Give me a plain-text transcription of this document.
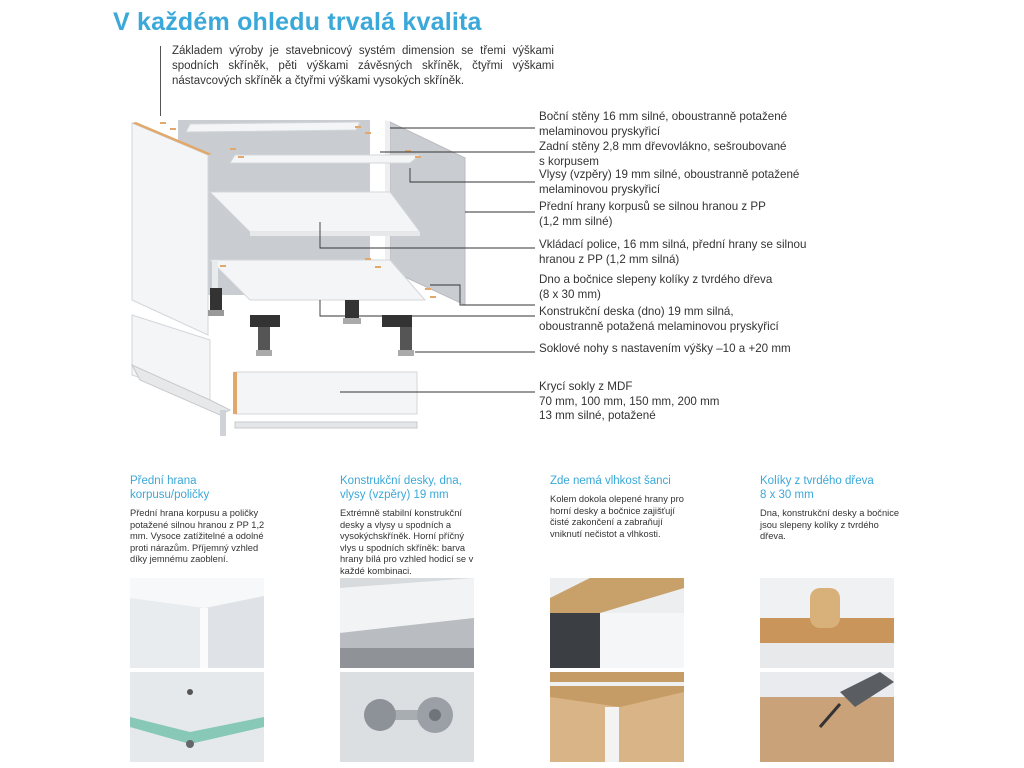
V každém ohledu trvalá kvalita
Základem výroby je stavebnicový systém dimension se třemi výškami spodních skříněk, pěti výškami závěsných skříněk, čtyřmi výškami nástavcových skříněk a čtyřmi výškami vysokých skříněk.
Boční stěny 16 mm silné, oboustranně potažené
melaminovou pryskyřicí
Zadní stěny 2,8 mm dřevovlákno, sešroubované
s korpusem
Vlysy (vzpěry) 19 mm silné, oboustranně potažené
melaminovou pryskyřicí
Přední hrany korpusů se silnou hranou z PP
(1,2 mm silné)
Vkládací police, 16 mm silná, přední hrany se silnou
hranou z PP (1,2 mm silná)
Dno a bočnice slepeny kolíky z tvrdého dřeva
(8 x 30 mm)
Konstrukční deska (dno) 19 mm silná,
oboustranně potažená melaminovou pryskyřicí
Soklové nohy s nastavením výšky –10 a +20 mm
Krycí sokly z MDF
70 mm, 100 mm, 150 mm, 200 mm
13 mm silné, potažené
Přední hrana
korpusu/poličky
Přední hrana korpusu a poličky potažené silnou hranou z PP 1,2 mm. Vysoce zatížitelné a odolné proti nárazům. Příjemný vzhled díky jemnému zaoblení.
Konstrukční desky, dna,
vlysy (vzpěry) 19 mm
Extrémně stabilní konstrukční desky a vlysy u spodních a vysokýchskříněk. Horní příčný vlys u spodních skříněk: barva hrany bílá pro vzhled hodicí se v každé kombinaci.
Zde nemá vlhkost šanci
Kolem dokola olepené hrany pro horní desky a bočnice zajišťují čisté zakončení a zabraňují vniknutí nečistot a vlhkosti.
Kolíky z tvrdého dřeva
8 x 30 mm
Dna, konstrukční desky a bočnice jsou slepeny kolíky z tvrdého dřeva.
